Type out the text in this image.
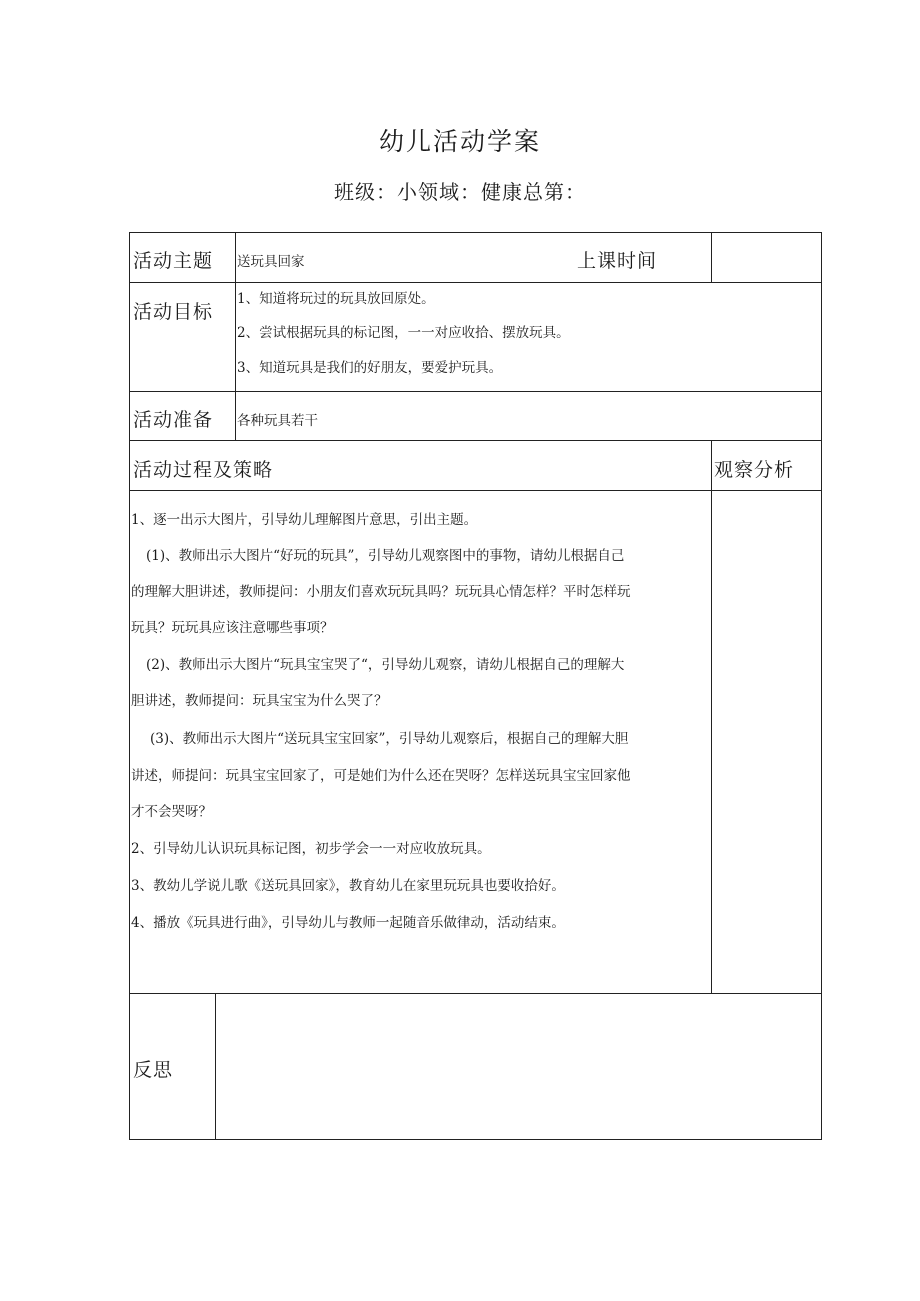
幼儿活动学案
班级：小领域：健康总第：
活动主题 送玩具回家	上课时间
活动目标
1、知道将玩过的玩具放回原处。
2、尝试根据玩具的标记图，一一对应收拾、摆放玩具。
3、知道玩具是我们的好朋友，要爱护玩具。
活动准备 各种玩具若干
活动过程及策略	观察分析
1、逐一出示大图片，引导幼儿理解图片意思，引出主题。
(1)、教师出示大图片“好玩的玩具”，引导幼儿观察图中的事物，请幼儿根据自己
的理解大胆讲述，教师提问：小朋友们喜欢玩玩具吗？玩玩具心情怎样？平时怎样玩
玩具？玩玩具应该注意哪些事项？
(2)、教师出示大图片“玩具宝宝哭了“，引导幼儿观察，请幼儿根据自己的理解大
胆讲述，教师提问：玩具宝宝为什么哭了？
(3)、教师出示大图片“送玩具宝宝回家”，引导幼儿观察后，根据自己的理解大胆
讲述，师提问：玩具宝宝回家了，可是她们为什么还在哭呀？怎样送玩具宝宝回家他
才不会哭呀？
2、引导幼儿认识玩具标记图，初步学会一一对应收放玩具。
3、教幼儿学说儿歌《送玩具回家》，教育幼儿在家里玩玩具也要收拾好。
4、播放《玩具进行曲》，引导幼儿与教师一起随音乐做律动，活动结束。
反思
